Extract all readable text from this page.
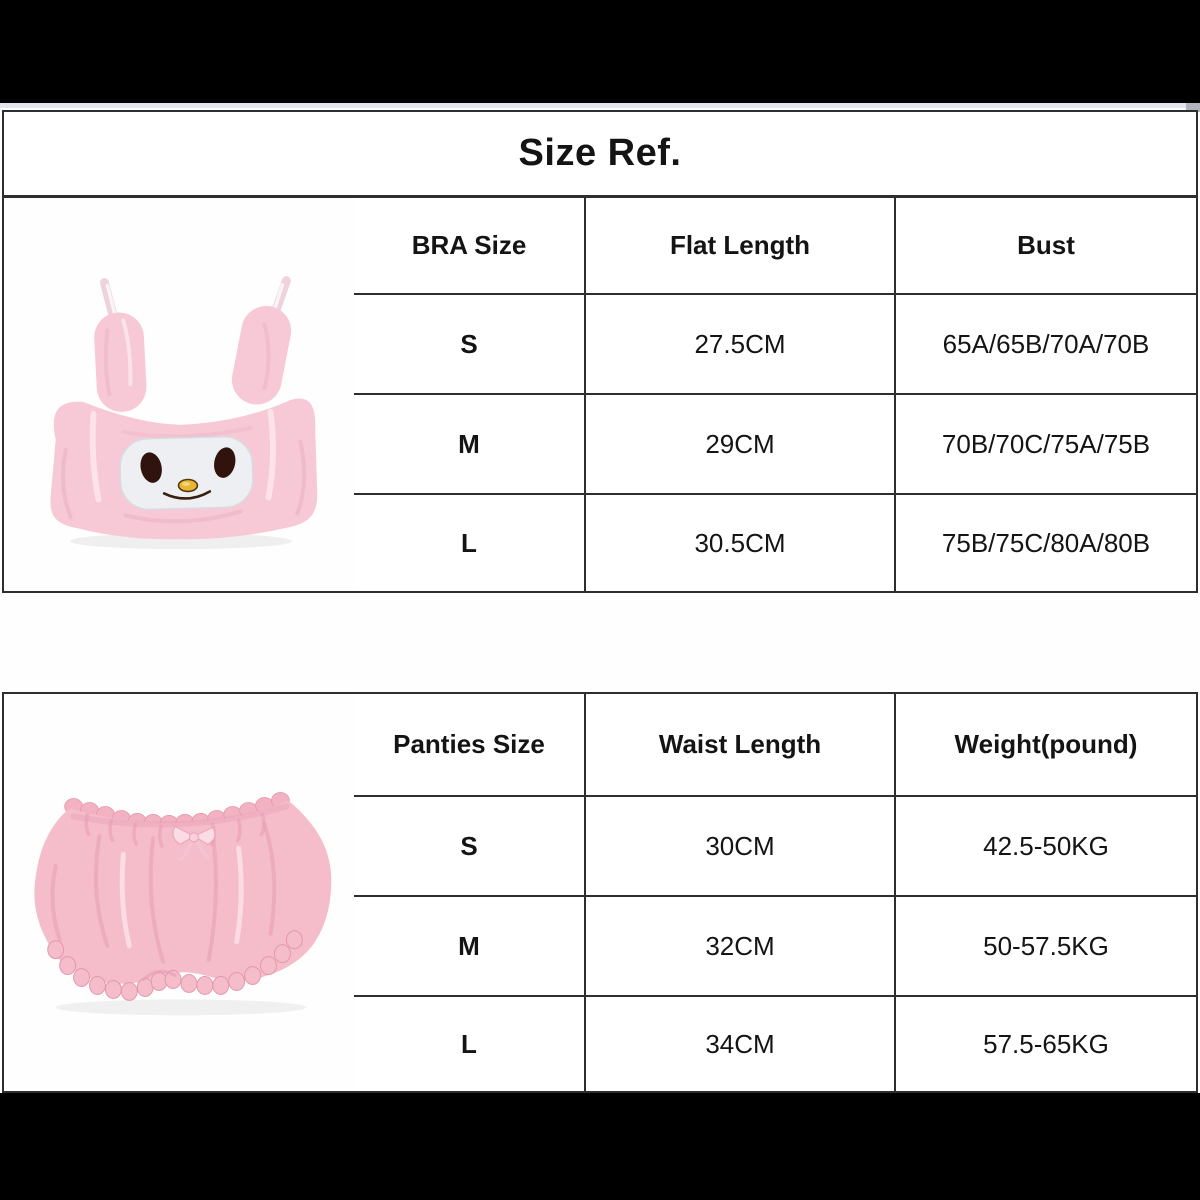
Size Ref.
BRA Size	Flat Length	Bust
S	27.5CM	65A/65B/70A/70B
M	29CM	70B/70C/75A/75B
L	30.5CM	75B/75C/80A/80B
Panties Size	Waist Length	Weight(pound)
S	30CM	42.5-50KG
M	32CM	50-57.5KG
L	34CM	57.5-65KG
